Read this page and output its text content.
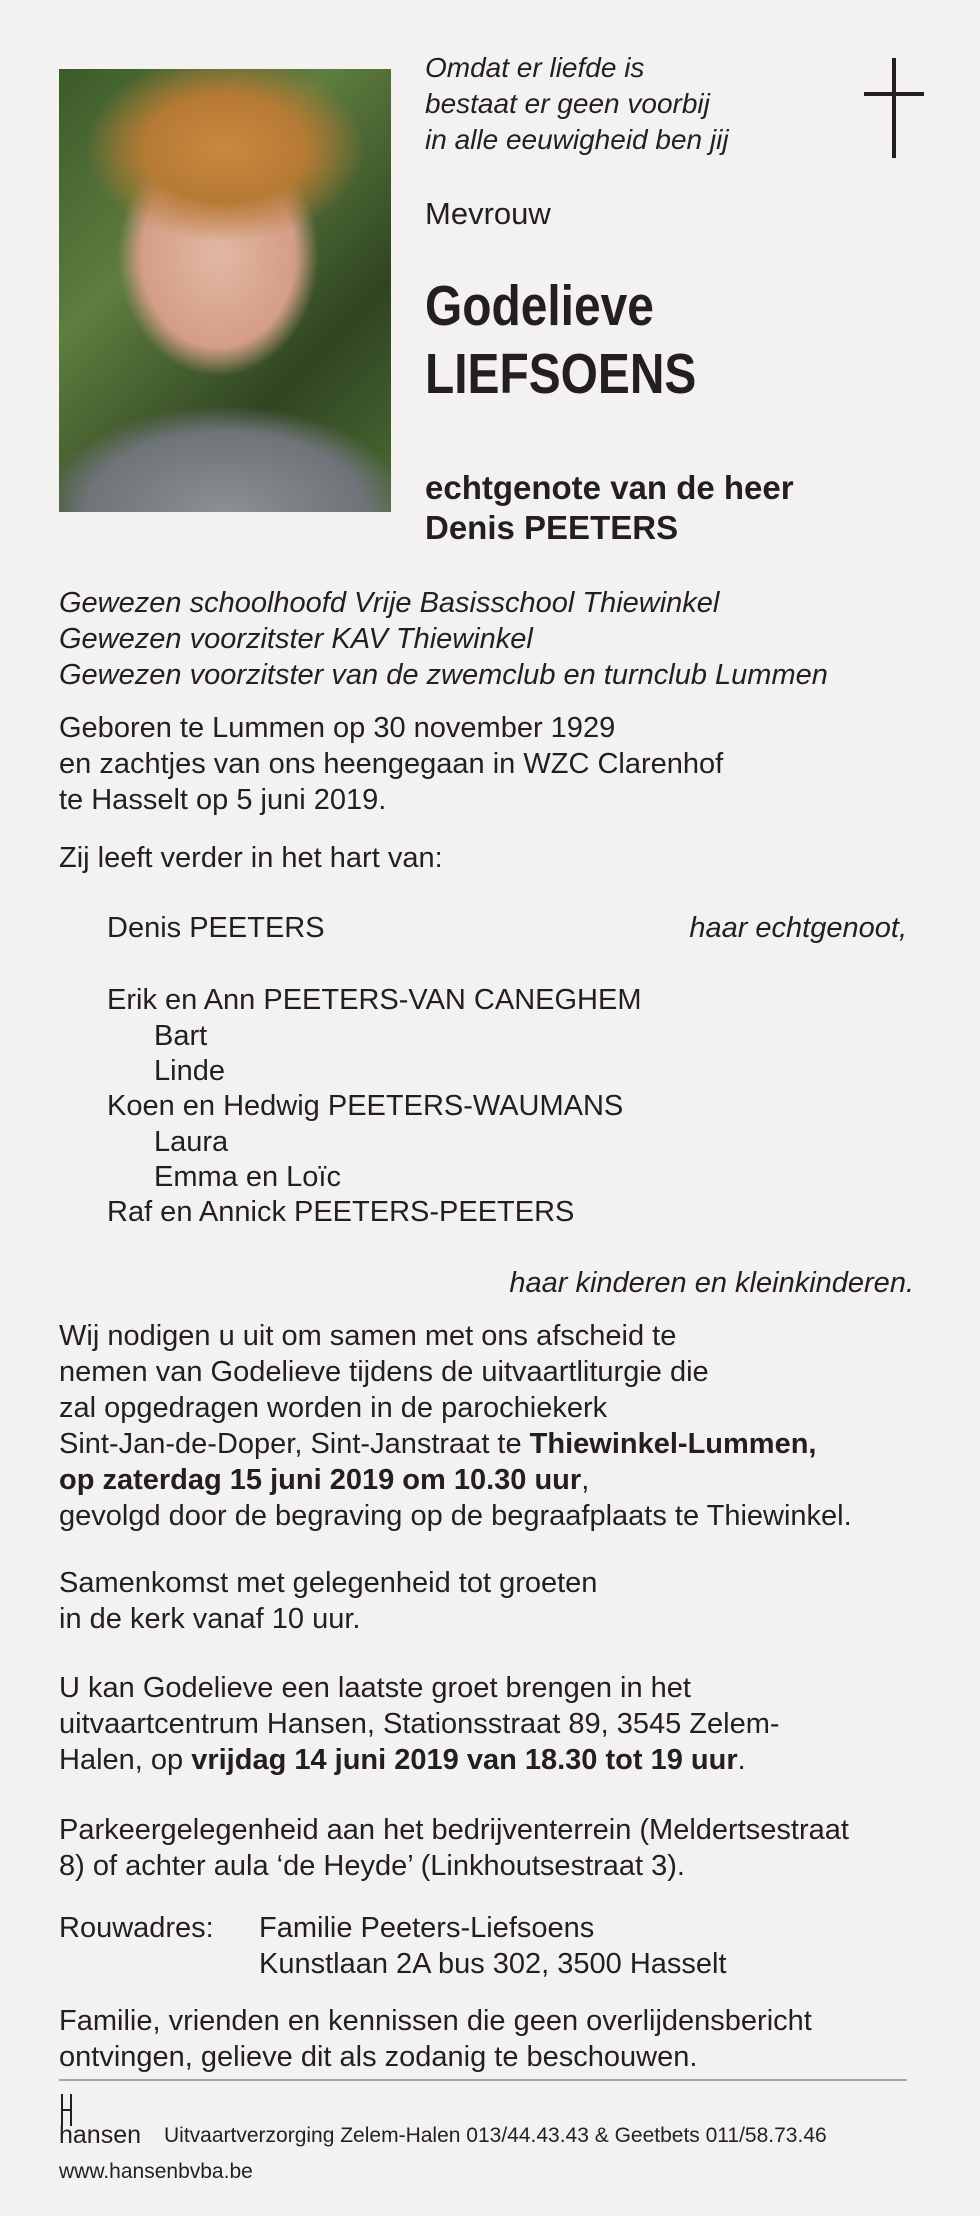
Omdat er liefde is
bestaat er geen voorbij
in alle eeuwigheid ben jij
Mevrouw
Godelieve
LIEFSOENS
echtgenote van de heer
Denis PEETERS
Gewezen schoolhoofd Vrije Basisschool Thiewinkel
Gewezen voorzitster KAV Thiewinkel
Gewezen voorzitster van de zwemclub en turnclub Lummen
Geboren te Lummen op 30 november 1929
en zachtjes van ons heengegaan in WZC Clarenhof
te Hasselt op 5 juni 2019.
Zij leeft verder in het hart van:
Denis PEETERS	haar echtgenoot,
Erik en Ann PEETERS-VAN CANEGHEM
Bart
Linde
Koen en Hedwig PEETERS-WAUMANS
Laura
Emma en Loïc
Raf en Annick PEETERS-PEETERS
haar kinderen en kleinkinderen.
Wij nodigen u uit om samen met ons afscheid te
nemen van Godelieve tijdens de uitvaartliturgie die
zal opgedragen worden in de parochiekerk
Sint-Jan-de-Doper, Sint-Janstraat te Thiewinkel-Lummen,
op zaterdag 15 juni 2019 om 10.30 uur,
gevolgd door de begraving op de begraafplaats te Thiewinkel.
Samenkomst met gelegenheid tot groeten
in de kerk vanaf 10 uur.
U kan Godelieve een laatste groet brengen in het
uitvaartcentrum Hansen, Stationsstraat 89, 3545 Zelem-
Halen, op vrijdag 14 juni 2019 van 18.30 tot 19 uur.
Parkeergelegenheid aan het bedrijventerrein (Meldertsestraat
8) of achter aula ‘de Heyde’ (Linkhoutsestraat 3).
Rouwadres: Familie Peeters-Liefsoens
Kunstlaan 2A bus 302, 3500 Hasselt
Familie, vrienden en kennissen die geen overlijdensbericht
ontvingen, gelieve dit als zodanig te beschouwen.
hansen Uitvaartverzorging Zelem-Halen 013/44.43.43 & Geetbets 011/58.73.46
www.hansenbvba.be
